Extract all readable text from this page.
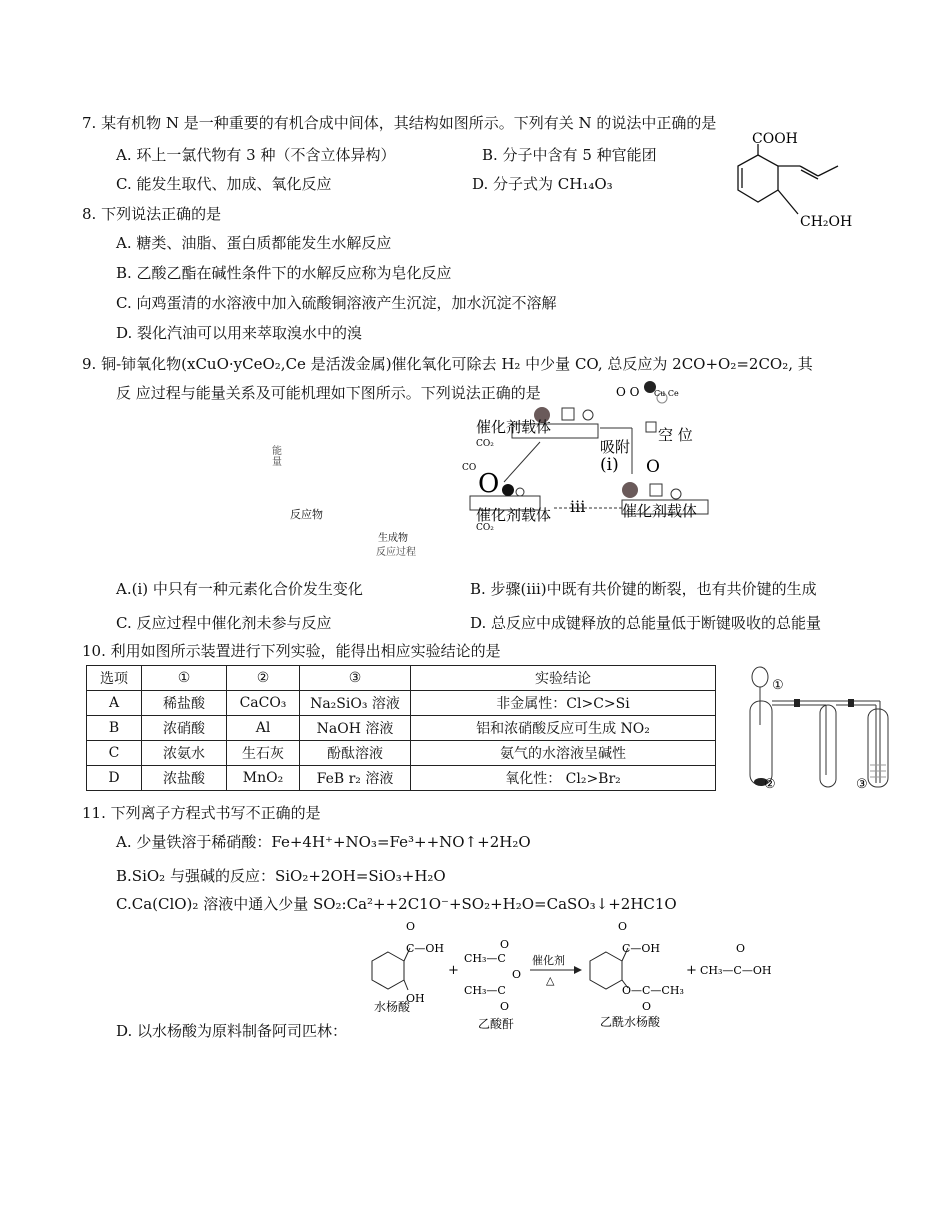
7. 某有机物 N 是一种重要的有机合成中间体，其结构如图所示。下列有关 N 的说法中正确的是
A. 环上一氯代物有 3 种（不含立体异构）	B. 分子中含有 5 种官能团
C. 能发生取代、加成、氧化反应	D. 分子式为 CH₁₄O₃
COOH
CH₂OH
8. 下列说法正确的是
A. 糖类、油脂、蛋白质都能发生水解反应
B. 乙酸乙酯在碱性条件下的水解反应称为皂化反应
C. 向鸡蛋清的水溶液中加入硫酸铜溶液产生沉淀，加水沉淀不溶解
D. 裂化汽油可以用来萃取溴水中的溴
9. 铜-铈氧化物(xCuO·yCeO₂,Ce 是活泼金属)催化氧化可除去 H₂ 中少量 CO, 总反应为 2CO+O₂=2CO₂, 其
反 应过程与能量关系及可能机理如下图所示。下列说法正确的是
能
量
反应物
生成物
反应过程
催化剂载体	空 位
吸附
(i) O
O
iii
催化剂载体	催化剂载体
CO₂
CO
CO₂
O O Cu Ce
A.(i) 中只有一种元素化合价发生变化	B. 步骤(iii)中既有共价键的断裂，也有共价键的生成
C. 反应过程中催化剂未参与反应	D. 总反应中成键释放的总能量低于断键吸收的总能量
10. 利用如图所示装置进行下列实验，能得出相应实验结论的是
选项	①	②	③	实验结论
A	稀盐酸	CaCO₃	Na₂SiO₃ 溶液	非金属性：Cl>C>Si
B	浓硝酸	Al	NaOH 溶液	铝和浓硝酸反应可生成 NO₂
C	浓氨水	生石灰	酚酞溶液	氨气的水溶液呈碱性
D	浓盐酸	MnO₂	FeB r₂ 溶液	氧化性： Cl₂>Br₂
①
②	③
11. 下列离子方程式书写不正确的是
A. 少量铁溶于稀硝酸：Fe+4H⁺+NO₃=Fe³++NO↑+2H₂O
B.SiO₂ 与强碱的反应：SiO₂+2OH=SiO₃+H₂O
C.Ca(ClO)₂ 溶液中通入少量 SO₂:Ca²++2C1O⁻+SO₂+H₂O=CaSO₃↓+2HC1O
D. 以水杨酸为原料制备阿司匹林：
O
C—OH
OH
水杨酸
+
CH₃—C
O
CH₃—C
O
O
乙酸酐
催化剂
△
O
C—OH
O—C—CH₃
O
乙酰水杨酸
+
O
CH₃—C—OH
